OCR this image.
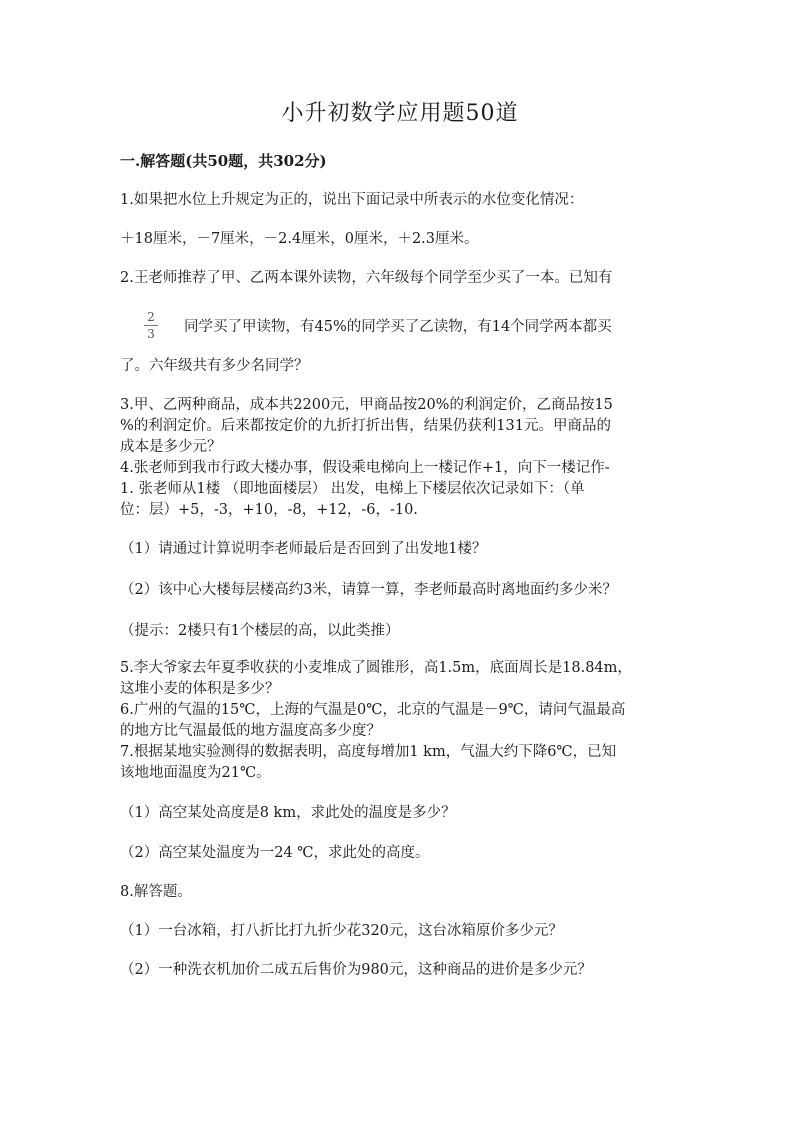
小升初数学应用题50道
一.解答题(共50题，共302分)
1.如果把水位上升规定为正的，说出下面记录中所表示的水位变化情况：
＋18厘米，－7厘米，－2.4厘米，0厘米，＋2.3厘米。
2.王老师推荐了甲、乙两本课外读物，六年级每个同学至少买了一本。已知有
2
3 同学买了甲读物，有45%的同学买了乙读物，有14个同学两本都买
了。六年级共有多少名同学？
3.甲、乙两种商品，成本共2200元，甲商品按20%的利润定价，乙商品按15
%的利润定价。后来都按定价的九折打折出售，结果仍获利131元。甲商品的
成本是多少元？
4.张老师到我市行政大楼办事，假设乘电梯向上一楼记作+1，向下一楼记作-
1. 张老师从1楼 （即地面楼层） 出发，电梯上下楼层依次记录如下：（单
位：层）+5，-3，+10，-8，+12，-6，-10.
（1）请通过计算说明李老师最后是否回到了出发地1楼？
（2）该中心大楼每层楼高约3米，请算一算，李老师最高时离地面约多少米？
（提示：2楼只有1个楼层的高，以此类推）
5.李大爷家去年夏季收获的小麦堆成了圆锥形，高1.5m，底面周长是18.84m，
这堆小麦的体积是多少？
6.广州的气温的15℃，上海的气温是0℃，北京的气温是－9℃，请问气温最高
的地方比气温最低的地方温度高多少度？
7.根据某地实验测得的数据表明，高度每增加1 km，气温大约下降6℃，已知
该地地面温度为21℃。
（1）高空某处高度是8 km，求此处的温度是多少？
（2）高空某处温度为一24 ℃，求此处的高度。
8.解答题。
（1）一台冰箱，打八折比打九折少花320元，这台冰箱原价多少元？
（2）一种洗衣机加价二成五后售价为980元，这种商品的进价是多少元？
